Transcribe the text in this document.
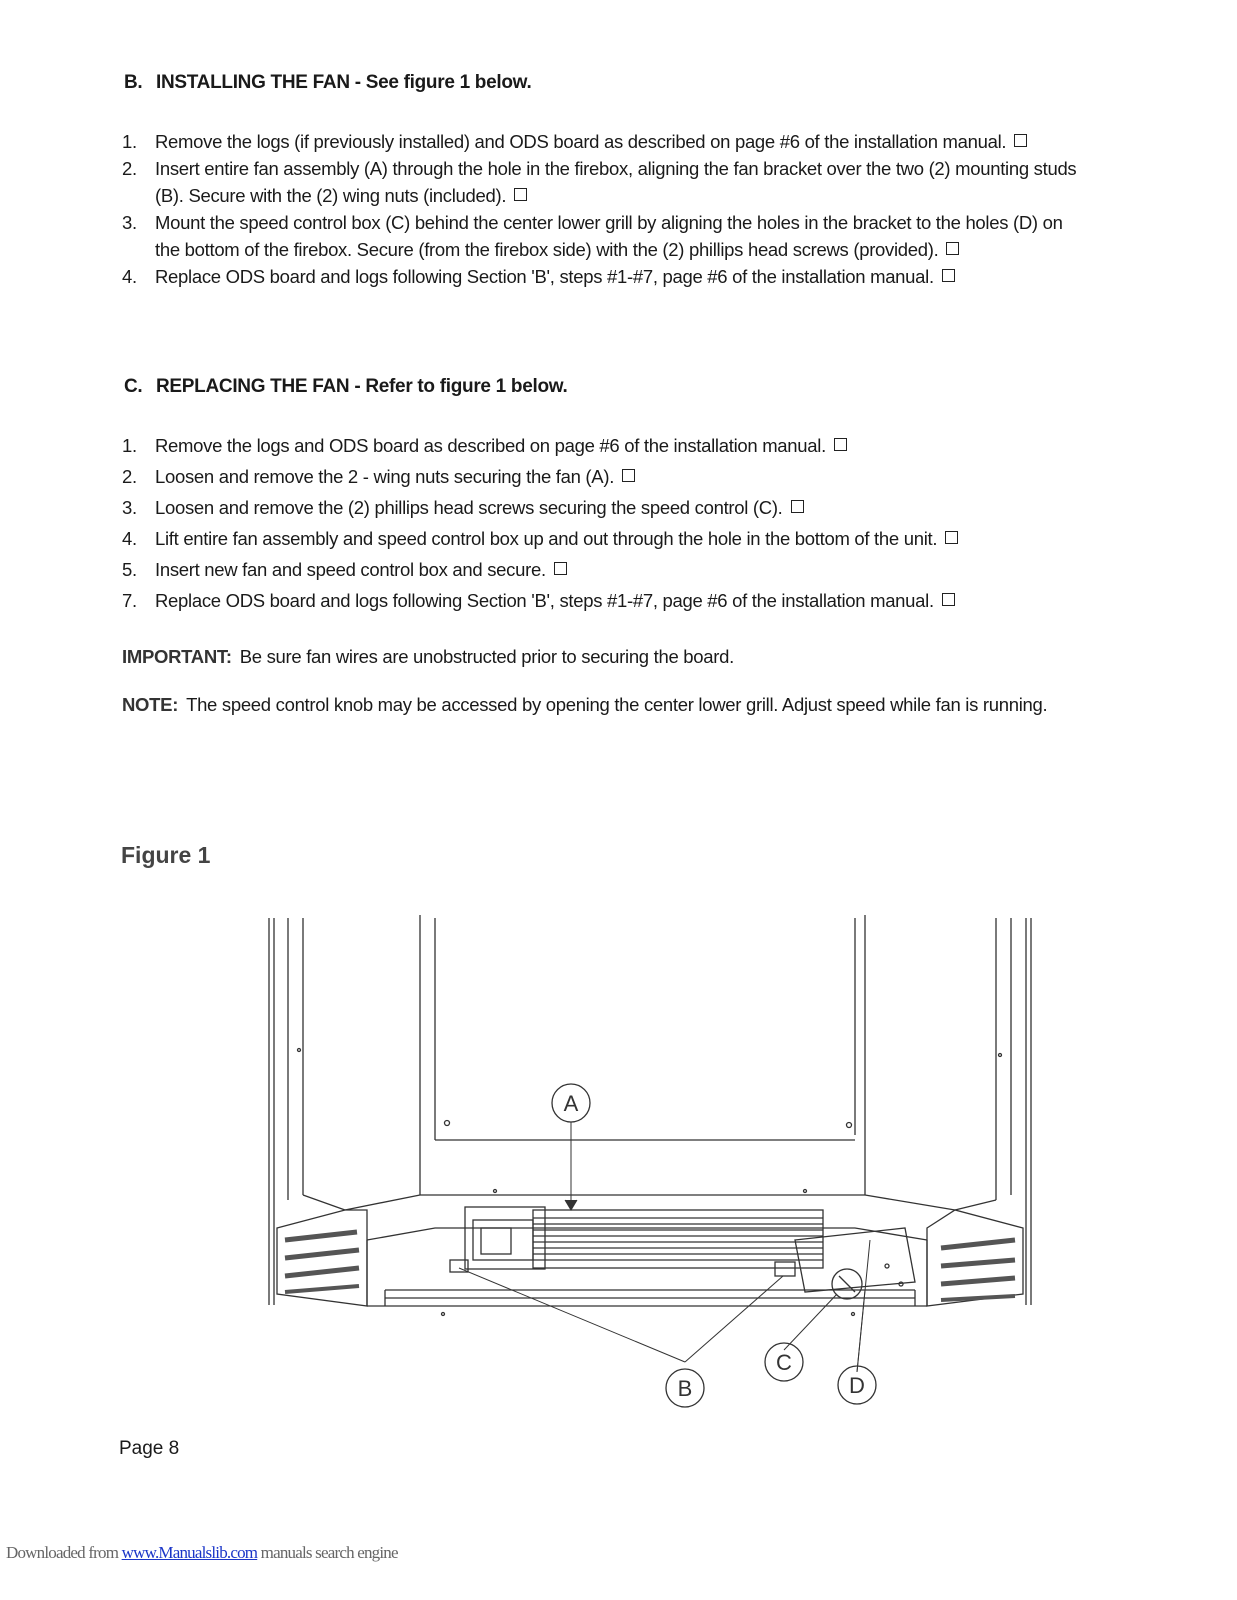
B. INSTALLING THE FAN - See figure 1 below.
1. Remove the logs (if previously installed) and ODS board as described on page #6 of the installation manual.
2. Insert entire fan assembly (A) through the hole in the firebox, aligning the fan bracket over the two (2) mounting studs (B). Secure with the (2) wing nuts (included).
3. Mount the speed control box (C) behind the center lower grill by aligning the holes in the bracket to the holes (D) on the bottom of the firebox. Secure (from the firebox side) with the (2) phillips head screws (provided).
4. Replace ODS board and logs following Section 'B', steps #1-#7, page #6 of the installation manual.
C. REPLACING THE FAN - Refer to figure 1 below.
1. Remove the logs and ODS board as described on page #6 of the installation manual.
2. Loosen and remove the 2 - wing nuts securing the fan (A).
3. Loosen and remove the (2) phillips head screws securing the speed control (C).
4. Lift entire fan assembly and speed control box up and out through the hole in the bottom of the unit.
5. Insert new fan and speed control box and secure.
7. Replace ODS board and logs following Section 'B', steps #1-#7, page #6 of the installation manual.
IMPORTANT: Be sure fan wires are unobstructed prior to securing the board.
NOTE: The speed control knob may be accessed by opening the center lower grill. Adjust speed while fan is running.
Figure 1
A
B
C
D
Page 8
Downloaded from www.Manualslib.com manuals search engine
